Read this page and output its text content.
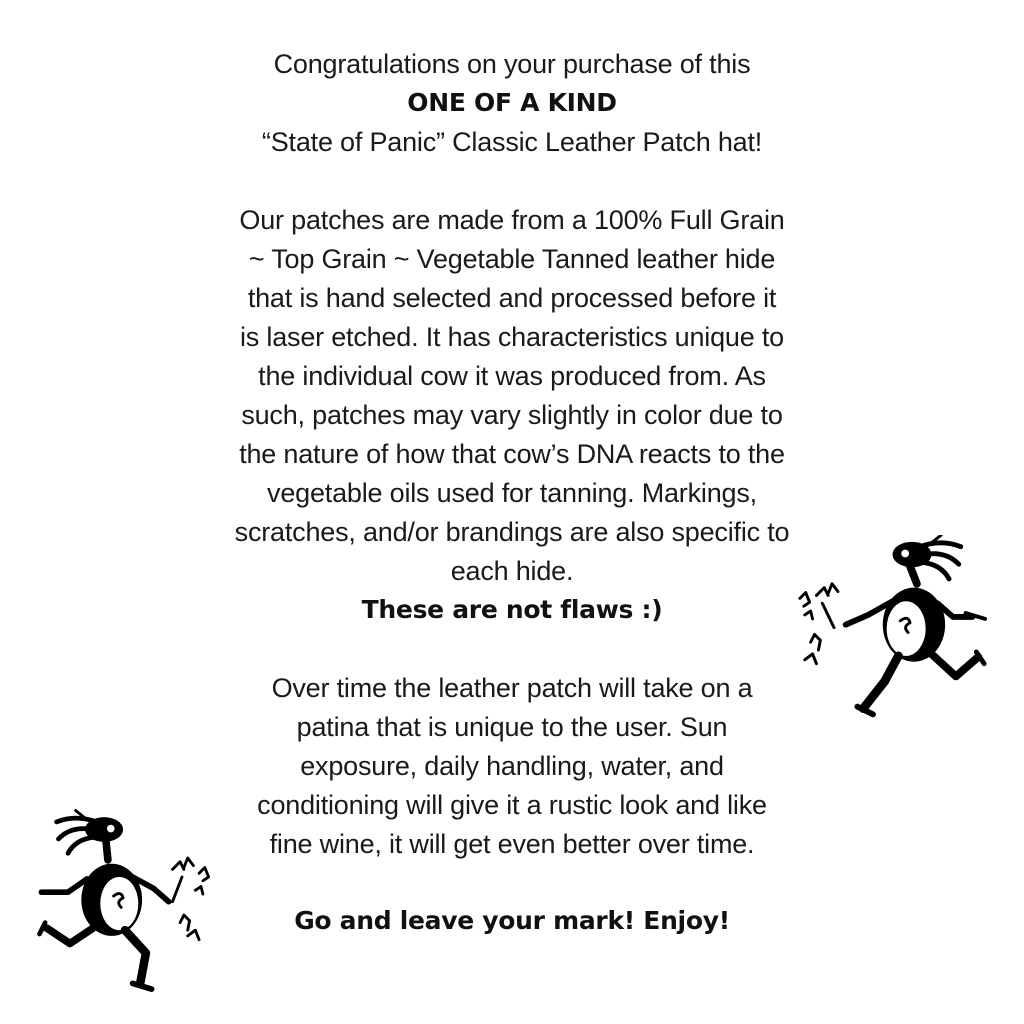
Congratulations on your purchase of this
ONE OF A KIND
“State of Panic” Classic Leather Patch hat!
Our patches are made from a 100% Full Grain
~ Top Grain ~ Vegetable Tanned leather hide
that is hand selected and processed before it
is laser etched. It has characteristics unique to
the individual cow it was produced from. As
such, patches may vary slightly in color due to
the nature of how that cow’s DNA reacts to the
vegetable oils used for tanning. Markings,
scratches, and/or brandings are also specific to
each hide.
These are not flaws :)
Over time the leather patch will take on a
patina that is unique to the user. Sun
exposure, daily handling, water, and
conditioning will give it a rustic look and like
fine wine, it will get even better over time.
Go and leave your mark! Enjoy!
